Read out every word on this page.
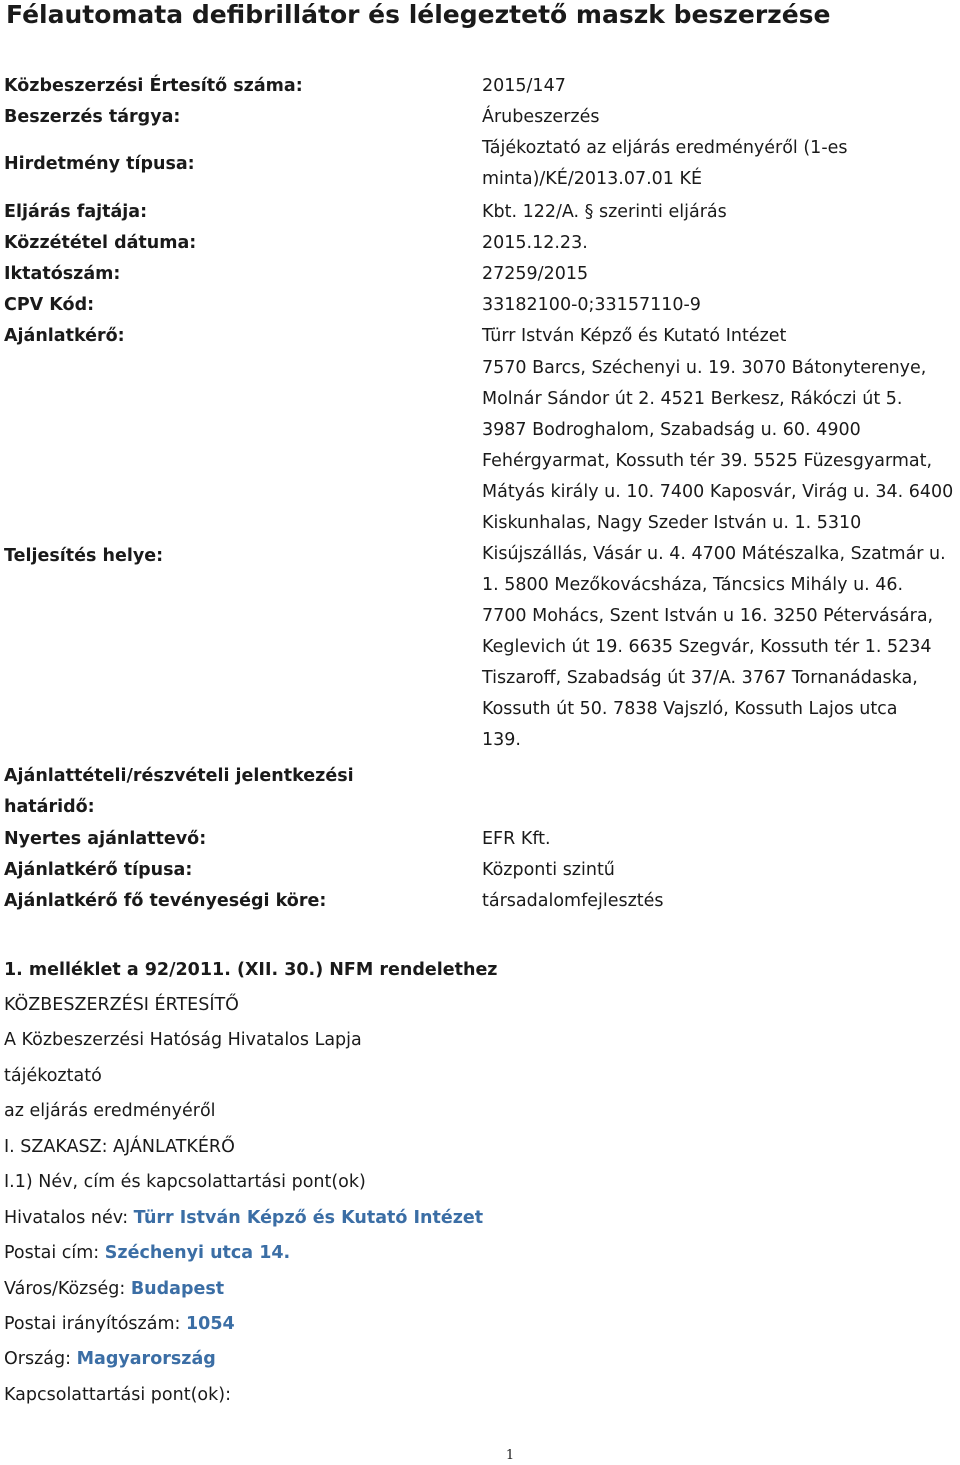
Félautomata defibrillátor és lélegeztető maszk beszerzése
Közbeszerzési Értesítő száma:
Beszerzés tárgya:
Hirdetmény típusa:
Eljárás fajtája:
Közzététel dátuma:
Iktatószám:
CPV Kód:
Ajánlatkérő:
Teljesítés helye:
Ajánlattételi/részvételi jelentkezési
határidő:
Nyertes ajánlattevő:
Ajánlatkérő típusa:
Ajánlatkérő fő tevényeségi köre:
2015/147
Árubeszerzés
Tájékoztató az eljárás eredményéről (1-es
minta)/KÉ/2013.07.01 KÉ
Kbt. 122/A. § szerinti eljárás
2015.12.23.
27259/2015
33182100-0;33157110-9
Türr István Képző és Kutató Intézet
7570 Barcs, Széchenyi u. 19. 3070 Bátonyterenye,
Molnár Sándor út 2. 4521 Berkesz, Rákóczi út 5.
3987 Bodroghalom, Szabadság u. 60. 4900
Fehérgyarmat, Kossuth tér 39. 5525 Füzesgyarmat,
Mátyás király u. 10. 7400 Kaposvár, Virág u. 34. 6400
Kiskunhalas, Nagy Szeder István u. 1. 5310
Kisújszállás, Vásár u. 4. 4700 Mátészalka, Szatmár u.
1. 5800 Mezőkovácsháza, Táncsics Mihály u. 46.
7700 Mohács, Szent István u 16. 3250 Pétervására,
Keglevich út 19. 6635 Szegvár, Kossuth tér 1. 5234
Tiszaroff, Szabadság út 37/A. 3767 Tornanádaska,
Kossuth út 50. 7838 Vajszló, Kossuth Lajos utca
139.
EFR Kft.
Központi szintű
társadalomfejlesztés
1. melléklet a 92/2011. (XII. 30.) NFM rendelethez
KÖZBESZERZÉSI ÉRTESÍTŐ
A Közbeszerzési Hatóság Hivatalos Lapja
tájékoztató
az eljárás eredményéről
I. SZAKASZ: AJÁNLATKÉRŐ
I.1) Név, cím és kapcsolattartási pont(ok)
Hivatalos név: Türr István Képző és Kutató Intézet
Postai cím: Széchenyi utca 14.
Város/Község: Budapest
Postai irányítószám: 1054
Ország: Magyarország
Kapcsolattartási pont(ok):
1
